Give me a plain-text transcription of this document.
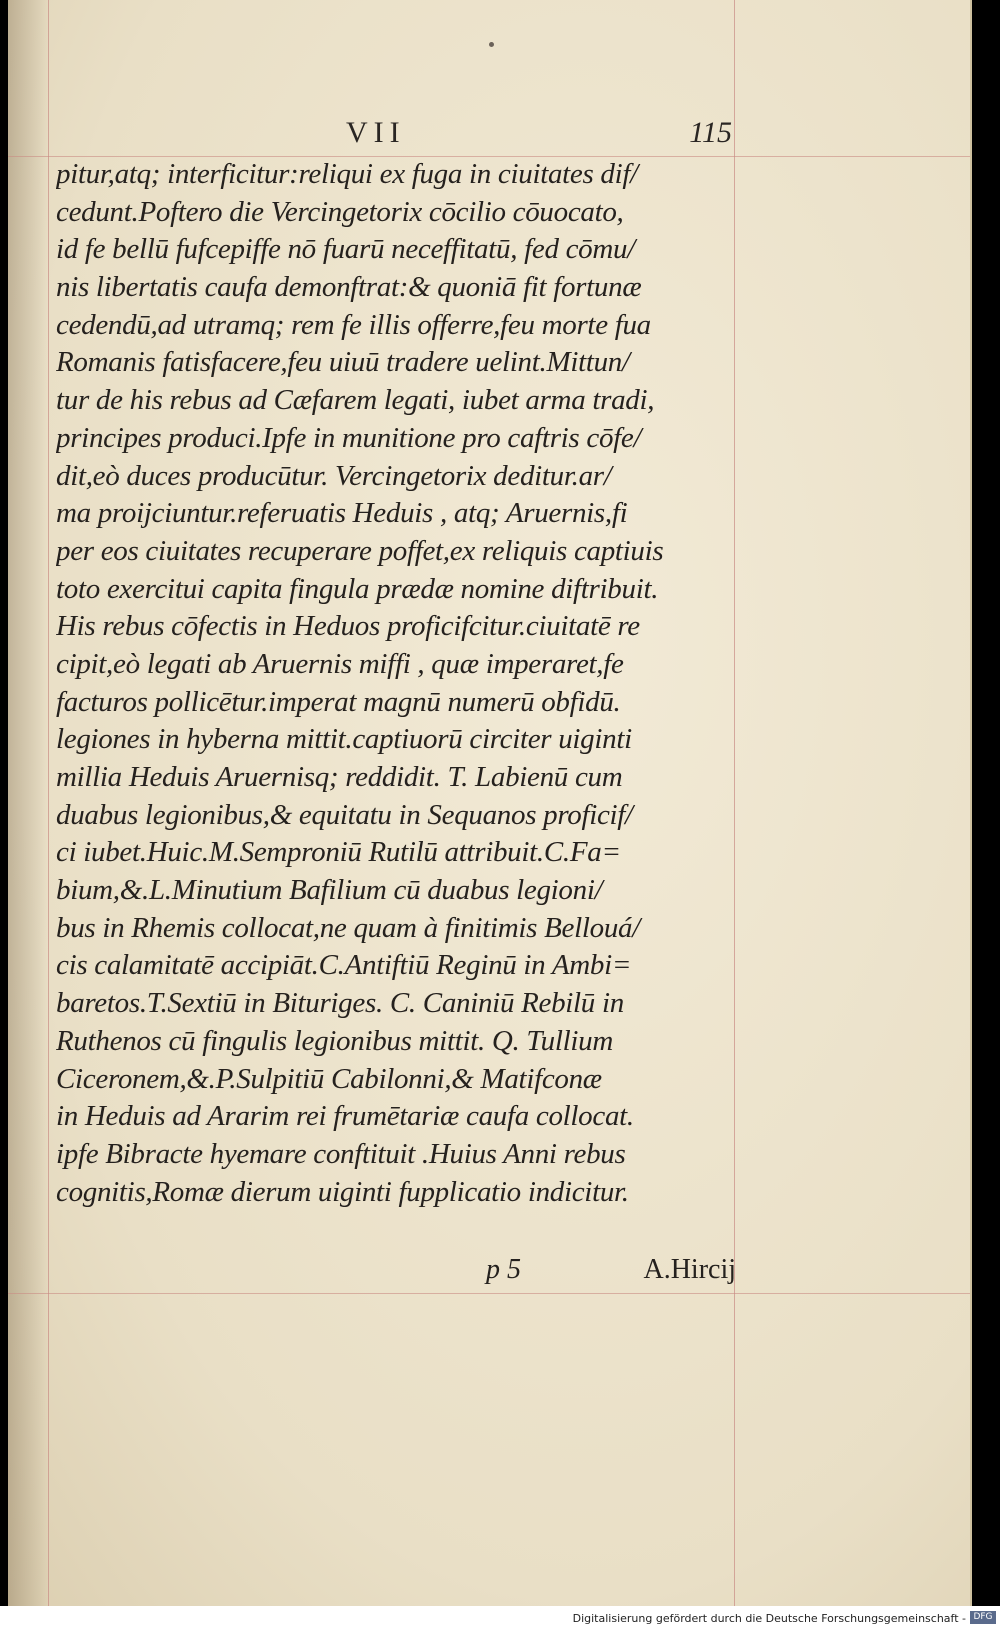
VII	115
pitur,atq; interficitur:reliqui ex fuga in ciuitates dif/
cedunt.Poftero die Vercingetorix cōcilio cōuocato,
id fe bellū fufcepiffe nō fuarū neceffitatū, fed cōmu/
nis libertatis caufa demonftrat:& quoniā fit fortunæ
cedendū,ad utramq; rem fe illis offerre,feu morte fua
Romanis fatisfacere,feu uiuū tradere uelint.Mittun/
tur de his rebus ad Cæfarem legati, iubet arma tradi,
principes produci.Ipfe in munitione pro caftris cōfe/
dit,eò duces producūtur. Vercingetorix deditur.ar/
ma proijciuntur.referuatis Heduis , atq; Aruernis,fi
per eos ciuitates recuperare poffet,ex reliquis captiuis
toto exercitui capita fingula prædæ nomine diftribuit.
His rebus cōfectis in Heduos proficifcitur.ciuitatē re
cipit,eò legati ab Aruernis miffi , quæ imperaret,fe
facturos pollicētur.imperat magnū numerū obfidū.
legiones in hyberna mittit.captiuorū circiter uiginti
millia Heduis Aruernisq; reddidit. T. Labienū cum
duabus legionibus,& equitatu in Sequanos proficif/
ci iubet.Huic.M.Semproniū Rutilū attribuit.C.Fa=
bium,&.L.Minutium Bafilium cū duabus legioni/
bus in Rhemis collocat,ne quam à finitimis Bellouá/
cis calamitatē accipiāt.C.Antiftiū Reginū in Ambi=
baretos.T.Sextiū in Bituriges. C. Caniniū Rebilū in
Ruthenos cū fingulis legionibus mittit. Q. Tullium
Ciceronem,&.P.Sulpitiū Cabilonni,& Matifconæ
in Heduis ad Ararim rei frumētariæ caufa collocat.
ipfe Bibracte hyemare conftituit .Huius Anni rebus
cognitis,Romæ dierum uiginti fupplicatio indicitur.
p 5	A.Hircij
Digitalisierung gefördert durch die Deutsche Forschungsgemeinschaft - DFG
